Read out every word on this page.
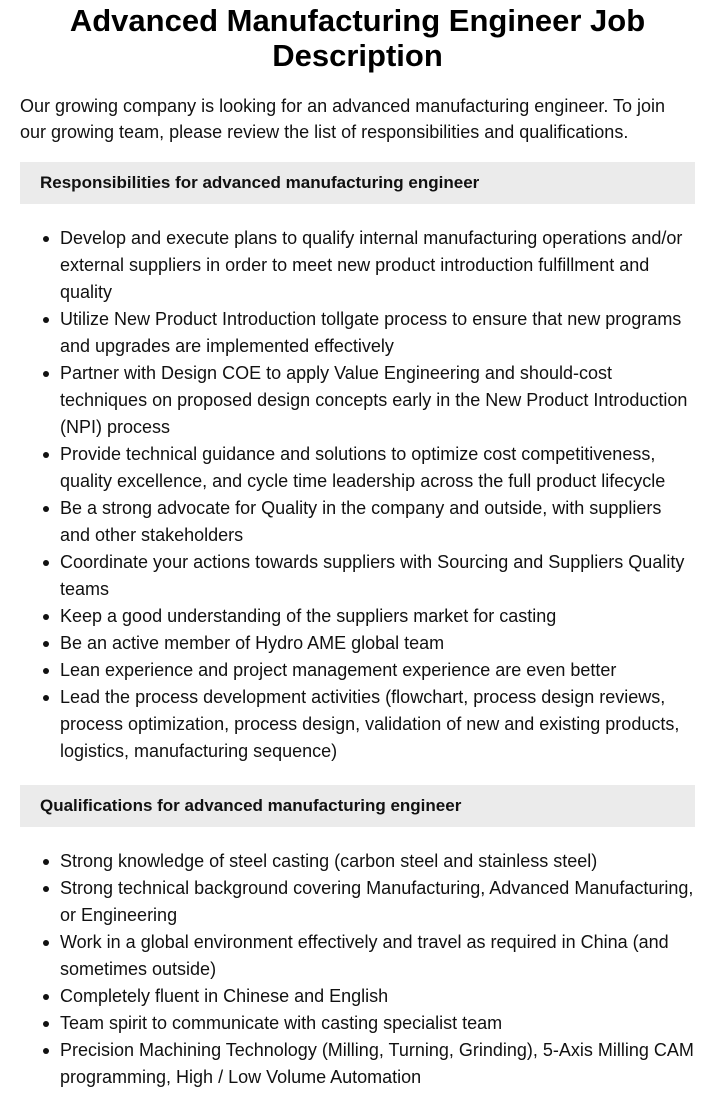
Advanced Manufacturing Engineer Job Description

Our growing company is looking for an advanced manufacturing engineer. To join our growing team, please review the list of responsibilities and qualifications.

Responsibilities for advanced manufacturing engineer
Develop and execute plans to qualify internal manufacturing operations and/or external suppliers in order to meet new product introduction fulfillment and quality
Utilize New Product Introduction tollgate process to ensure that new programs and upgrades are implemented effectively
Partner with Design COE to apply Value Engineering and should-cost techniques on proposed design concepts early in the New Product Introduction (NPI) process
Provide technical guidance and solutions to optimize cost competitiveness, quality excellence, and cycle time leadership across the full product lifecycle
Be a strong advocate for Quality in the company and outside, with suppliers and other stakeholders
Coordinate your actions towards suppliers with Sourcing and Suppliers Quality teams
Keep a good understanding of the suppliers market for casting
Be an active member of Hydro AME global team
Lean experience and project management experience are even better
Lead the process development activities (flowchart, process design reviews, process optimization, process design, validation of new and existing products, logistics, manufacturing sequence)
Qualifications for advanced manufacturing engineer
Strong knowledge of steel casting (carbon steel and stainless steel)
Strong technical background covering Manufacturing, Advanced Manufacturing, or Engineering
Work in a global environment effectively and travel as required in China (and sometimes outside)
Completely fluent in Chinese and English
Team spirit to communicate with casting specialist team
Precision Machining Technology (Milling, Turning, Grinding), 5-Axis Milling CAM programming, High / Low Volume Automation
